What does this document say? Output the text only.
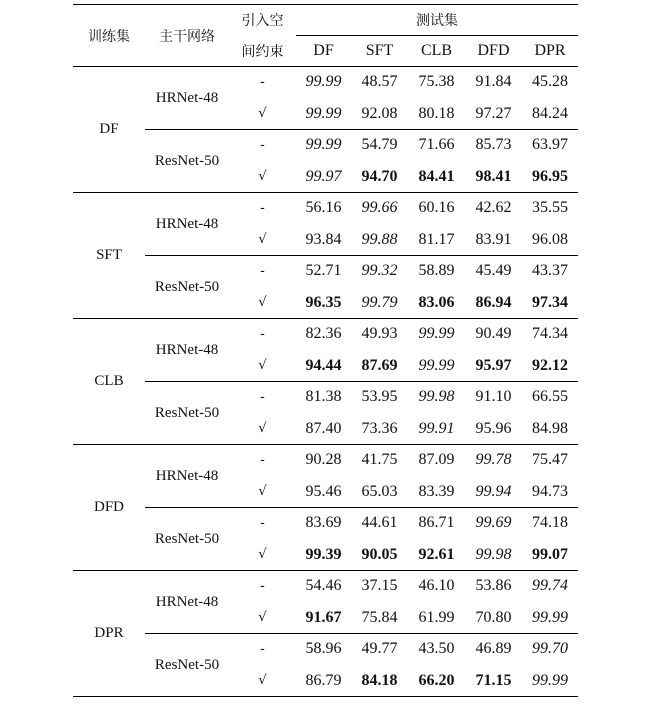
训练集	主干网络	引入空	测试集				
		间约束	DF	SFT	CLB	DFD	DPR
DF	HRNet-48	-	99.99	48.57	75.38	91.84	45.28
		√	99.99	92.08	80.18	97.27	84.24
	ResNet-50	-	99.99	54.79	71.66	85.73	63.97
		√	99.97	94.70	84.41	98.41	96.95
SFT	HRNet-48	-	56.16	99.66	60.16	42.62	35.55
		√	93.84	99.88	81.17	83.91	96.08
	ResNet-50	-	52.71	99.32	58.89	45.49	43.37
		√	96.35	99.79	83.06	86.94	97.34
CLB	HRNet-48	-	82.36	49.93	99.99	90.49	74.34
		√	94.44	87.69	99.99	95.97	92.12
	ResNet-50	-	81.38	53.95	99.98	91.10	66.55
		√	87.40	73.36	99.91	95.96	84.98
DFD	HRNet-48	-	90.28	41.75	87.09	99.78	75.47
		√	95.46	65.03	83.39	99.94	94.73
	ResNet-50	-	83.69	44.61	86.71	99.69	74.18
		√	99.39	90.05	92.61	99.98	99.07
DPR	HRNet-48	-	54.46	37.15	46.10	53.86	99.74
		√	91.67	75.84	61.99	70.80	99.99
	ResNet-50	-	58.96	49.77	43.50	46.89	99.70
		√	86.79	84.18	66.20	71.15	99.99
